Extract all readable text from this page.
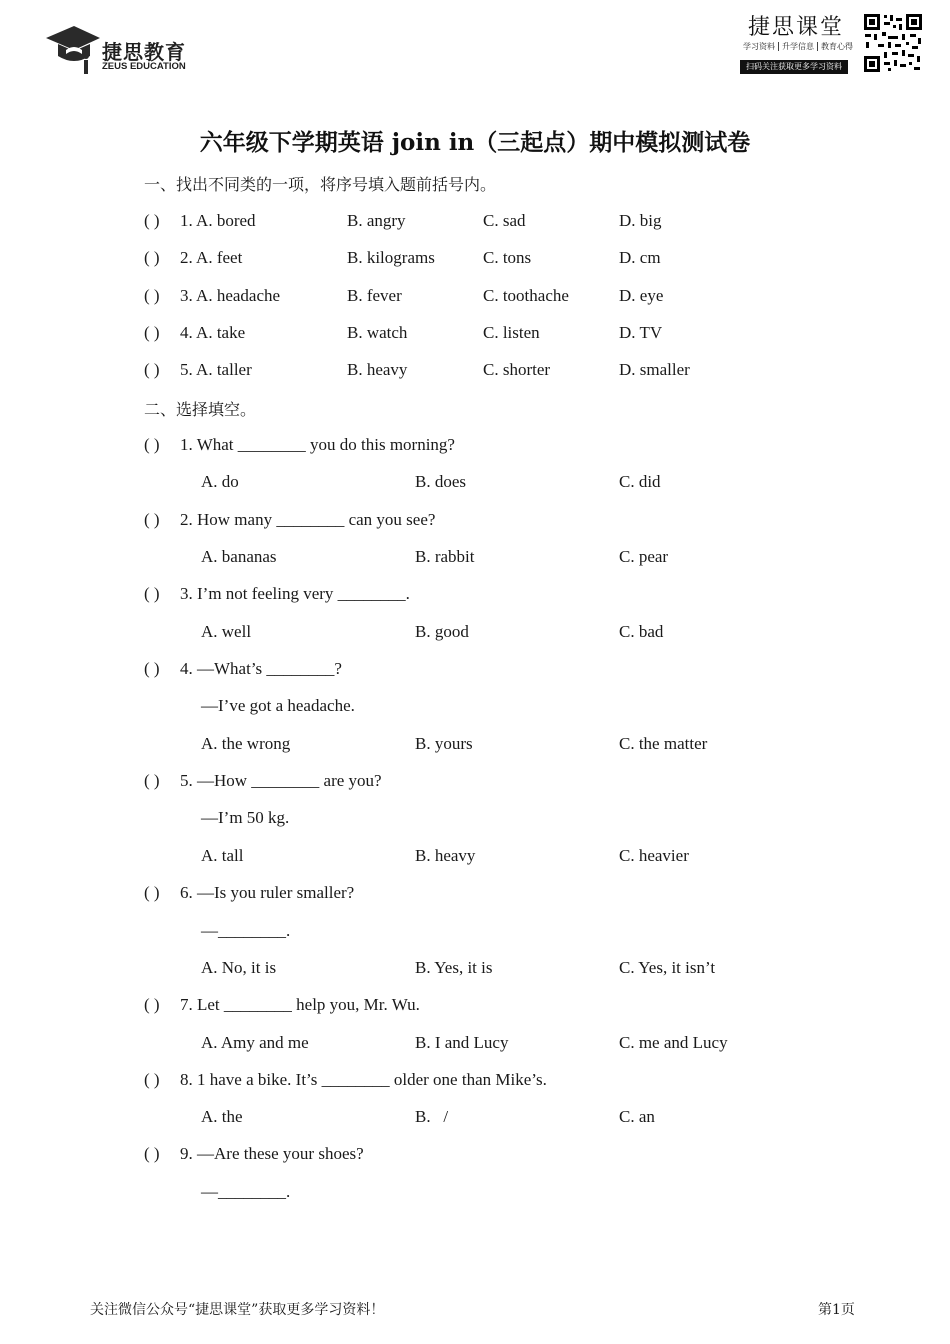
捷思教育
ZEUS EDUCATION
捷思课堂
学习资料 升学信息 教育心得
扫码关注获取更多学习资料
六年级下学期英语 join in（三起点）期中模拟测试卷
一、找出不同类的一项，将序号填入题前括号内。
( ) 1. A. bored	B. angry	C. sad	D. big
( ) 2. A. feet	B. kilograms	C. tons	D. cm
( ) 3. A. headache	B. fever	C. toothache	D. eye
( ) 4. A. take	B. watch	C. listen	D. TV
( ) 5. A. taller	B. heavy	C. shorter	D. smaller
二、选择填空。
( ) 1. What ________ you do this morning?
A. do	B. does	C. did
( ) 2. How many ________ can you see?
A. bananas	B. rabbit	C. pear
( ) 3. I’m not feeling very ________.
A. well	B. good	C. bad
( ) 4. —What’s ________?
—I’ve got a headache.
A. the wrong	B. yours	C. the matter
( ) 5. —How ________ are you?
—I’m 50 kg.
A. tall	B. heavy	C. heavier
( ) 6. —Is you ruler smaller?
—________.
A. No, it is	B. Yes, it is	C. Yes, it isn’t
( ) 7. Let ________ help you, Mr. Wu.
A. Amy and me	B. I and Lucy	C. me and Lucy
( ) 8. 1 have a bike. It’s ________ older one than Mike’s.
A. the	B.   /	C. an
( ) 9. —Are these your shoes?
—________.
关注微信公众号“捷思课堂”获取更多学习资料！	第1页
